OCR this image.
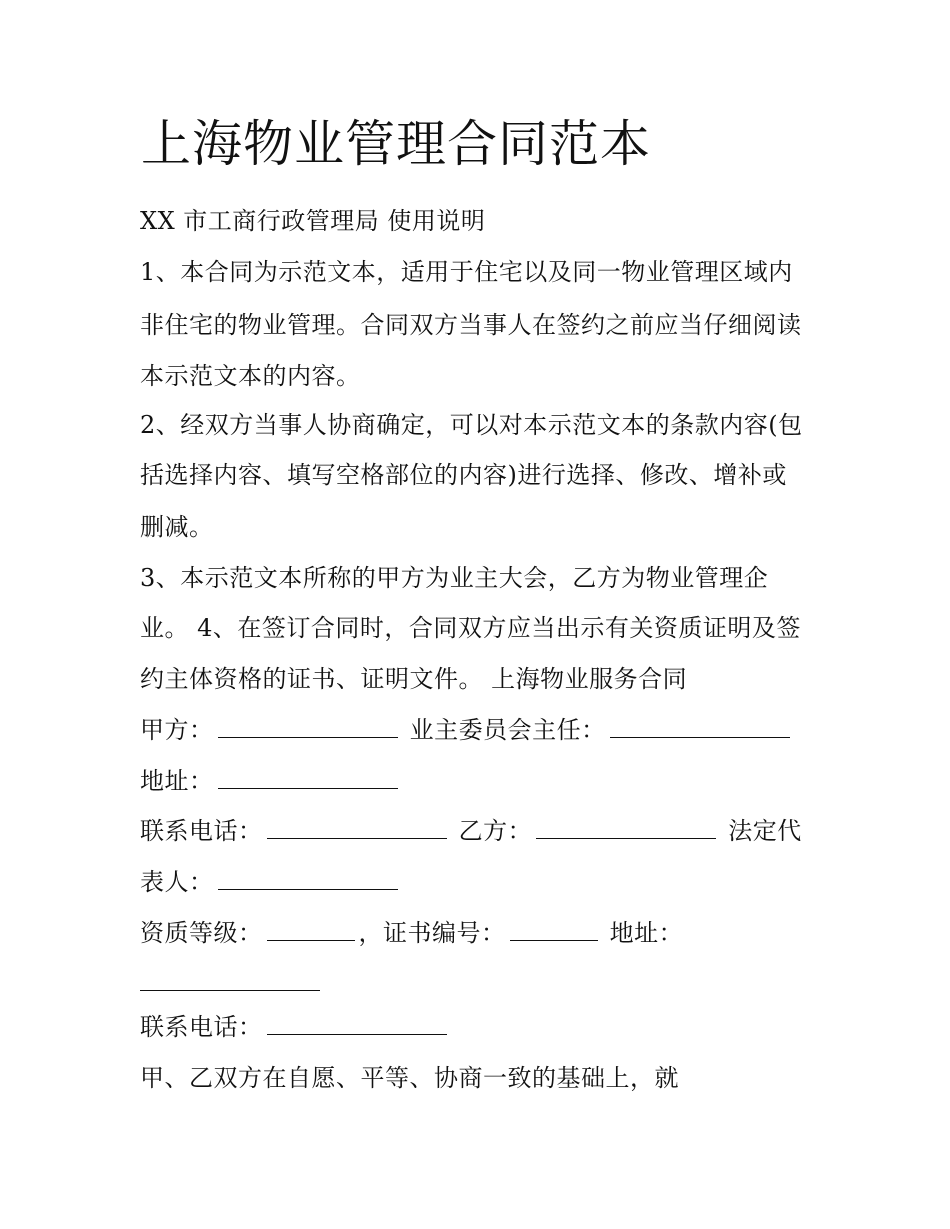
上海物业管理合同范本
XX 市工商行政管理局 使用说明
1、本合同为示范文本，适用于住宅以及同一物业管理区域内
非住宅的物业管理。合同双方当事人在签约之前应当仔细阅读
本示范文本的内容。
2、经双方当事人协商确定，可以对本示范文本的条款内容(包
括选择内容、填写空格部位的内容)进行选择、修改、增补或
删减。
3、本示范文本所称的甲方为业主大会，乙方为物业管理企
业。 4、在签订合同时，合同双方应当出示有关资质证明及签
约主体资格的证书、证明文件。 上海物业服务合同
甲方：	业主委员会主任：
地址：
联系电话：	乙方：	法定代
表人：
资质等级：	，证书编号：	地址：
联系电话：
甲、乙双方在自愿、平等、协商一致的基础上，就
